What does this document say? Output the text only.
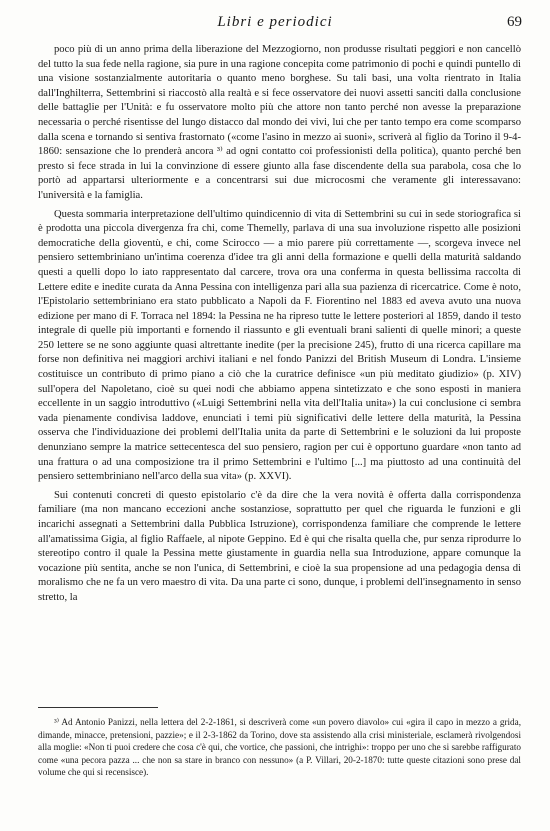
Libri e periodici	69

poco più di un anno prima della liberazione del Mezzogiorno, non produsse risultati peggiori e non cancellò del tutto la sua fede nella ragione, sia pure in una ragione concepita come patrimonio di pochi e quindi puntello di una visione sostanzialmente autoritaria o quanto meno borghese. Su tali basi, una volta rientrato in Italia dall'Inghilterra, Settembrini si riaccostò alla realtà e si fece osservatore dei nuovi assetti sanciti dalla conclusione delle battaglie per l'Unità: e fu osservatore molto più che attore non tanto perché non avesse la preparazione necessaria o perché risentisse del lungo distacco dal mondo dei vivi, lui che per tanto tempo era come scomparso dalla scena e tornando si sentiva frastornato («come l'asino in mezzo ai suoni», scriverà al figlio da Torino il 9-4-1860: sensazione che lo prenderà ancora ³⁾ ad ogni contatto coi professionisti della politica), quanto perché ben presto si fece strada in lui la convinzione di essere giunto alla fase discendente della sua parabola, cosa che lo portò ad appartarsi ulteriormente e a concentrarsi sui due microcosmi che veramente gli interessavano: l'università e la famiglia.

Questa sommaria interpretazione dell'ultimo quindicennio di vita di Settembrini su cui in sede storiografica si è prodotta una piccola divergenza fra chi, come Themelly, parlava di una sua involuzione rispetto alle posizioni democratiche della gioventù, e chi, come Scirocco — a mio parere più correttamente —, scorgeva invece nel pensiero settembriniano un'intima coerenza d'idee tra gli anni della formazione e quelli della maturità saldando questi a quelli dopo lo iato rappresentato dal carcere, trova ora una conferma in questa bellissima raccolta di Lettere edite e inedite curata da Anna Pessina con intelligenza pari alla sua pazienza di ricercatrice. Come è noto, l'Epistolario settembriniano era stato pubblicato a Napoli da F. Fiorentino nel 1883 ed aveva avuto una nuova edizione per mano di F. Torraca nel 1894: la Pessina ne ha ripreso tutte le lettere posteriori al 1859, dando il testo integrale di quelle più importanti e fornendo il riassunto e gli eventuali brani salienti di quelle minori; a queste 250 lettere se ne sono aggiunte quasi altrettante inedite (per la precisione 245), frutto di una ricerca capillare ma forse non definitiva nei maggiori archivi italiani e nel fondo Panizzi del British Museum di Londra. L'insieme costituisce un contributo di primo piano a ciò che la curatrice definisce «un più meditato giudizio» (p. XIV) sull'opera del Napoletano, cioè su quei nodi che abbiamo appena sintetizzato e che sono esposti in maniera eccellente in un saggio introduttivo («Luigi Settembrini nella vita dell'Italia unita») la cui conclusione ci sembra vada pienamente condivisa laddove, enunciati i temi più significativi delle lettere della maturità, la Pessina osserva che l'individuazione dei problemi dell'Italia unita da parte di Settembrini e le soluzioni da lui proposte denunziano sempre la matrice settecentesca del suo pensiero, ragion per cui è opportuno guardare «non tanto ad una frattura o ad una composizione tra il primo Settembrini e l'ultimo [...] ma piuttosto ad una continuità del pensiero settembriniano nell'arco della sua vita» (p. XXVI).

Sui contenuti concreti di questo epistolario c'è da dire che la vera novità è offerta dalla corrispondenza familiare (ma non mancano eccezioni anche sostanziose, soprattutto per quel che riguarda le funzioni e gli incarichi assegnati a Settembrini dalla Pubblica Istruzione), corrispondenza familiare che comprende le lettere all'amatissima Gigia, al figlio Raffaele, al nipote Geppino. Ed è qui che risalta quella che, pur senza riprodurre lo stereotipo contro il quale la Pessina mette giustamente in guardia nella sua Introduzione, appare comunque la vocazione più sentita, anche se non l'unica, di Settembrini, e cioè la sua propensione ad una pedagogia densa di moralismo che ne fa un vero maestro di vita. Da una parte ci sono, dunque, i problemi dell'insegnamento in senso stretto, la

³⁾ Ad Antonio Panizzi, nella lettera del 2-2-1861, si descriverà come «un povero diavolo» cui «gira il capo in mezzo a grida, dimande, minacce, pretensioni, pazzie»; e il 2-3-1862 da Torino, dove sta assistendo alla crisi ministeriale, esclamerà rivolgendosi alla moglie: «Non ti puoi credere che cosa c'è qui, che vortice, che passioni, che intrighi»: troppo per uno che si sarebbe raffigurato come «una pecora pazza ... che non sa stare in branco con nessuno» (a P. Villari, 20-2-1870: tutte queste citazioni sono prese dal volume che qui si recensisce).
